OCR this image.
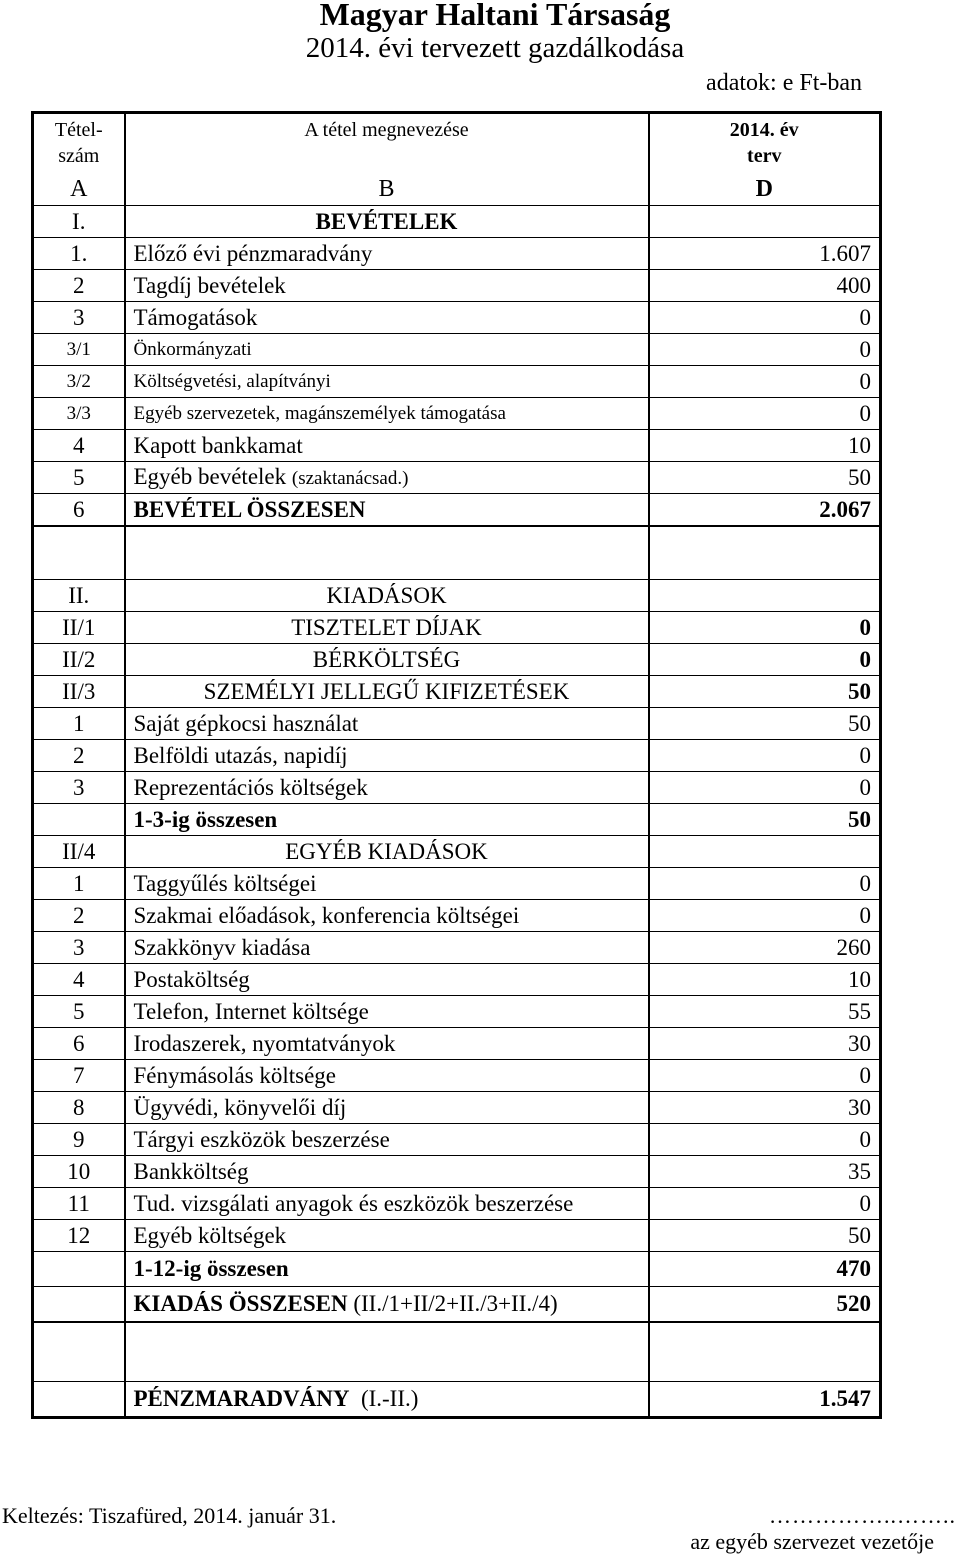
Magyar Haltani Társaság
2014. évi tervezett gazdálkodása
adatok: e Ft-ban
Tétel-
szám	A tétel megnevezése	2014. év
terv
A	B	D
I.	BEVÉTELEK	
1.	Előző évi pénzmaradvány	1.607
2	Tagdíj bevételek	400
3	Támogatások	0
3/1	Önkormányzati	0
3/2	Költségvetési, alapítványi	0
3/3	Egyéb szervezetek, magánszemélyek támogatása	0
4	Kapott bankkamat	10
5	Egyéb bevételek (szaktanácsad.)	50
6	BEVÉTEL ÖSSZESEN	2.067

II.	KIADÁSOK	
II/1	TISZTELET DÍJAK	0
II/2	BÉRKÖLTSÉG	0
II/3	SZEMÉLYI JELLEGŰ KIFIZETÉSEK	50
1	Saját gépkocsi használat	50
2	Belföldi utazás, napidíj	0
3	Reprezentációs költségek	0
	1-3-ig összesen	50
II/4	EGYÉB KIADÁSOK	
1	Taggyűlés költségei	0
2	Szakmai előadások, konferencia költségei	0
3	Szakkönyv kiadása	260
4	Postaköltség	10
5	Telefon, Internet költsége	55
6	Irodaszerek, nyomtatványok	30
7	Fénymásolás költsége	0
8	Ügyvédi, könyvelői díj	30
9	Tárgyi eszközök beszerzése	0
10	Bankköltség	35
11	Tud. vizsgálati anyagok és eszközök beszerzése	0
12	Egyéb költségek	50
	1-12-ig összesen	470
	KIADÁS ÖSSZESEN (II./1+II/2+II./3+II./4)	520

	PÉNZMARADVÁNY (I.-II.)	1.547
Keltezés: Tiszafüred, 2014. január 31.	……………..……..
az egyéb szervezet vezetője
